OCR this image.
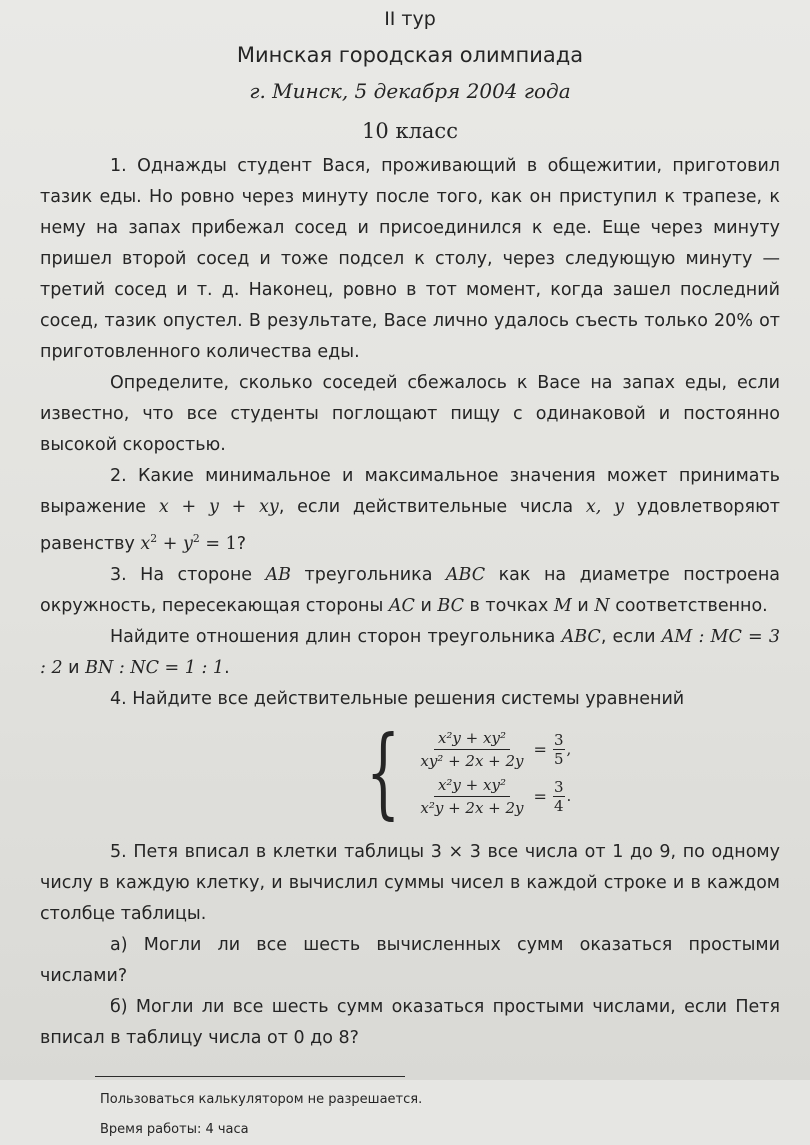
II тур
Минская городская олимпиада
г. Минск, 5 декабря 2004 года
10 класс

1. Однажды студент Вася, проживающий в общежитии, приготовил тазик еды. Но ровно через минуту после того, как он приступил к трапезе, к нему на запах прибежал сосед и присоединился к еде. Еще через минуту пришел второй сосед и тоже подсел к столу, через следующую минуту — третий сосед и т. д. Наконец, ровно в тот момент, когда зашел последний сосед, тазик опустел. В результате, Васе лично удалось съесть только 20% от приготовленного количества еды.

Определите, сколько соседей сбежалось к Васе на запах еды, если известно, что все студенты поглощают пищу с одинаковой и постоянно высокой скоростью.

2. Какие минимальное и максимальное значения может принимать выражение x + y + xy, если действительные числа x, y удовлетворяют равенству $x^2 + y^2 = 1$?

3. На стороне AB треугольника ABC как на диаметре построена окружность, пересекающая стороны AC и BC в точках M и N соответственно.

Найдите отношения длин сторон треугольника ABC, если AM : MC = 3 : 2 и BN : NC = 1 : 1.

4. Найдите все действительные решения системы уравнений

{ $\frac{\text{x²y + xy²}}{\text{xy² + 2x + 2y}} = \frac{3}{5}$ ,
$\frac{\text{x²y + xy²}}{\text{x²y + 2x + 2y}} = \frac{3}{4}$ .

5. Петя вписал в клетки таблицы 3 × 3 все числа от 1 до 9, по одному числу в каждую клетку, и вычислил суммы чисел в каждой строке и в каждом столбце таблицы.

а) Могли ли все шесть вычисленных сумм оказаться простыми числами?

б) Могли ли все шесть сумм оказаться простыми числами, если Петя вписал в таблицу числа от 0 до 8?

Пользоваться калькулятором не разрешается.
Время работы: 4 часа
